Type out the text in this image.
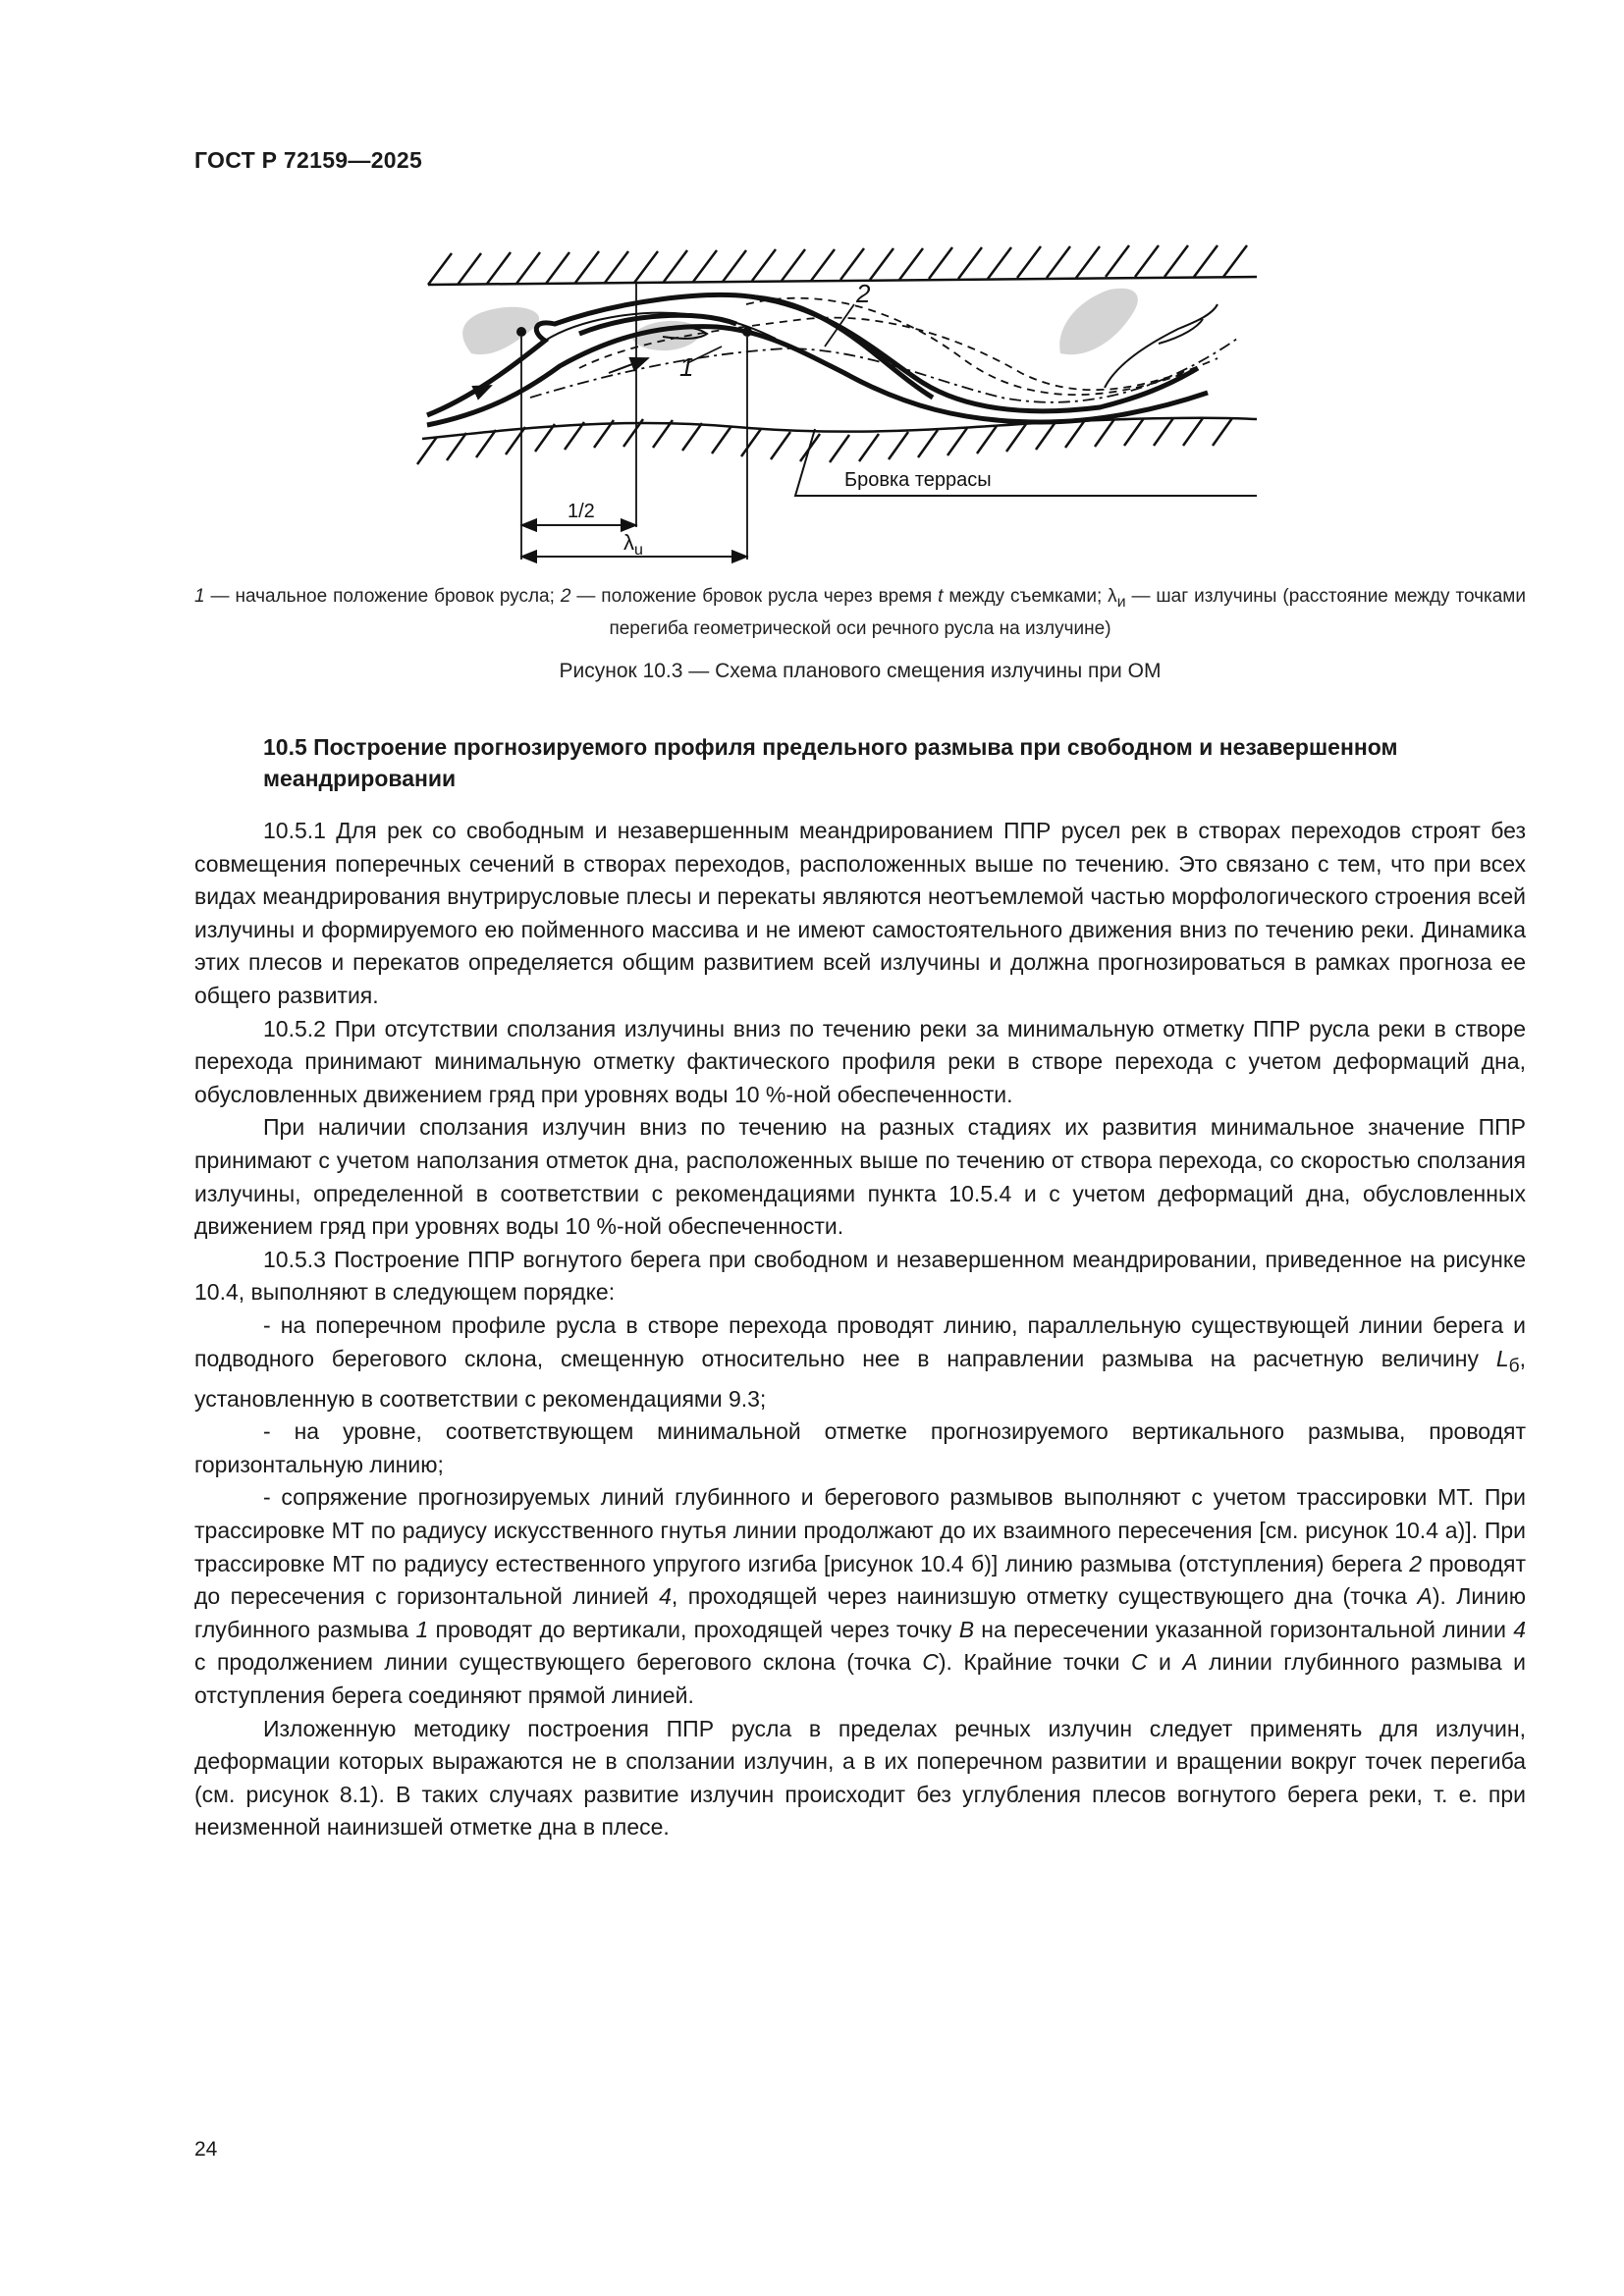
ГОСТ Р 72159—2025
1
2
1/2
$\lambda_u$
Бровка террасы
1 — начальное положение бровок русла; 2 — положение бровок русла через время t между съемками; $\lambda_и$ — шаг излучины (расстояние между точками перегиба геометрической оси речного русла на излучине)
Рисунок 10.3 — Схема планового смещения излучины при ОМ
10.5 Построение прогнозируемого профиля предельного размыва при свободном и незавершенном меандрировании

10.5.1 Для рек со свободным и незавершенным меандрированием ППР русел рек в створах переходов строят без совмещения поперечных сечений в створах переходов, расположенных выше по течению. Это связано с тем, что при всех видах меандрирования внутрирусловые плесы и перекаты являются неотъемлемой частью морфологического строения всей излучины и формируемого ею пойменного массива и не имеют самостоятельного движения вниз по течению реки. Динамика этих плесов и перекатов определяется общим развитием всей излучины и должна прогнозироваться в рамках прогноза ее общего развития.

10.5.2 При отсутствии сползания излучины вниз по течению реки за минимальную отметку ППР русла реки в створе перехода принимают минимальную отметку фактического профиля реки в створе перехода с учетом деформаций дна, обусловленных движением гряд при уровнях воды 10 %-ной обеспеченности.

При наличии сползания излучин вниз по течению на разных стадиях их развития минимальное значение ППР принимают с учетом наползания отметок дна, расположенных выше по течению от створа перехода, со скоростью сползания излучины, определенной в соответствии с рекомендациями пункта 10.5.4 и с учетом деформаций дна, обусловленных движением гряд при уровнях воды 10 %-ной обеспеченности.

10.5.3 Построение ППР вогнутого берега при свободном и незавершенном меандрировании, приведенное на рисунке 10.4, выполняют в следующем порядке:

- на поперечном профиле русла в створе перехода проводят линию, параллельную существующей линии берега и подводного берегового склона, смещенную относительно нее в направлении размыва на расчетную величину $L_б$, установленную в соответствии с рекомендациями 9.3;

- на уровне, соответствующем минимальной отметке прогнозируемого вертикального размыва, проводят горизонтальную линию;

- сопряжение прогнозируемых линий глубинного и берегового размывов выполняют с учетом трассировки МТ. При трассировке МТ по радиусу искусственного гнутья линии продолжают до их взаимного пересечения [см. рисунок 10.4 а)]. При трассировке МТ по радиусу естественного упругого изгиба [рисунок 10.4 б)] линию размыва (отступления) берега 2 проводят до пересечения с горизонтальной линией 4, проходящей через наинизшую отметку существующего дна (точка А). Линию глубинного размыва 1 проводят до вертикали, проходящей через точку В на пересечении указанной горизонтальной линии 4 с продолжением линии существующего берегового склона (точка С). Крайние точки С и А линии глубинного размыва и отступления берега соединяют прямой линией.

Изложенную методику построения ППР русла в пределах речных излучин следует применять для излучин, деформации которых выражаются не в сползании излучин, а в их поперечном развитии и вращении вокруг точек перегиба (см. рисунок 8.1). В таких случаях развитие излучин происходит без углубления плесов вогнутого берега реки, т. е. при неизменной наинизшей отметке дна в плесе.

24
